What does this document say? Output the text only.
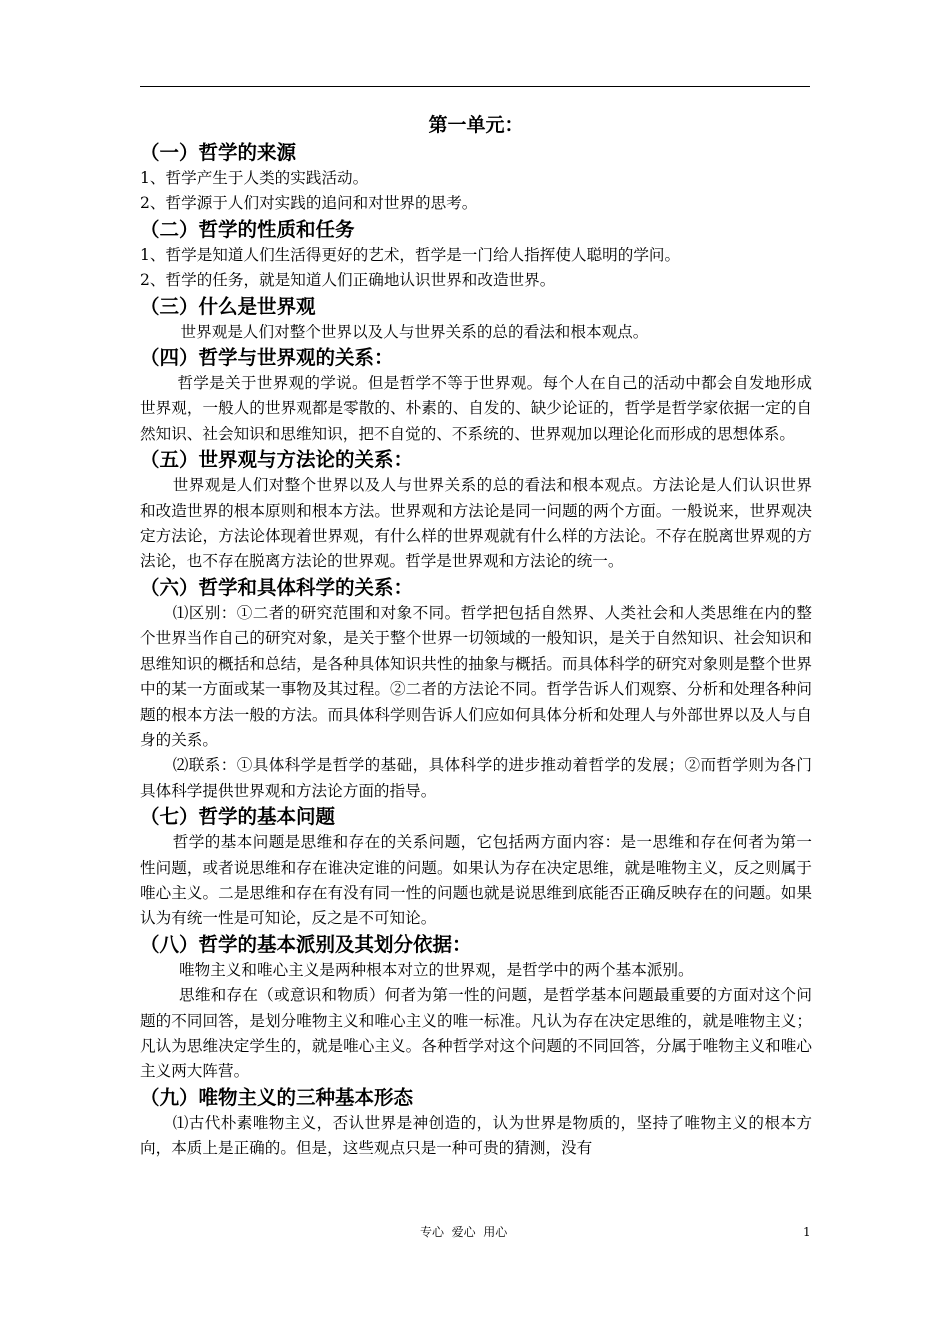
第一单元：
（一）哲学的来源
1、哲学产生于人类的实践活动。
2、哲学源于人们对实践的追问和对世界的思考。
（二）哲学的性质和任务
1、哲学是知道人们生活得更好的艺术，哲学是一门给人指挥使人聪明的学问。
2、哲学的任务，就是知道人们正确地认识世界和改造世界。
（三）什么是世界观

世界观是人们对整个世界以及人与世界关系的总的看法和根本观点。

（四）哲学与世界观的关系：

哲学是关于世界观的学说。但是哲学不等于世界观。每个人在自己的活动中都会自发地形成世界观，一般人的世界观都是零散的、朴素的、自发的、缺少论证的，哲学是哲学家依据一定的自然知识、社会知识和思维知识，把不自觉的、不系统的、世界观加以理论化而形成的思想体系。

（五）世界观与方法论的关系：

世界观是人们对整个世界以及人与世界关系的总的看法和根本观点。方法论是人们认识世界和改造世界的根本原则和根本方法。世界观和方法论是同一问题的两个方面。一般说来，世界观决定方法论，方法论体现着世界观，有什么样的世界观就有什么样的方法论。不存在脱离世界观的方法论，也不存在脱离方法论的世界观。哲学是世界观和方法论的统一。

（六）哲学和具体科学的关系：

⑴区别：①二者的研究范围和对象不同。哲学把包括自然界、人类社会和人类思维在内的整个世界当作自己的研究对象，是关于整个世界一切领域的一般知识，是关于自然知识、社会知识和思维知识的概括和总结，是各种具体知识共性的抽象与概括。而具体科学的研究对象则是整个世界中的某一方面或某一事物及其过程。②二者的方法论不同。哲学告诉人们观察、分析和处理各种问题的根本方法一般的方法。而具体科学则告诉人们应如何具体分析和处理人与外部世界以及人与自身的关系。

⑵联系：①具体科学是哲学的基础，具体科学的进步推动着哲学的发展；②而哲学则为各门具体科学提供世界观和方法论方面的指导。

（七）哲学的基本问题

哲学的基本问题是思维和存在的关系问题，它包括两方面内容：是一思维和存在何者为第一性问题，或者说思维和存在谁决定谁的问题。如果认为存在决定思维，就是唯物主义，反之则属于唯心主义。二是思维和存在有没有同一性的问题也就是说思维到底能否正确反映存在的问题。如果认为有统一性是可知论，反之是不可知论。

（八）哲学的基本派别及其划分依据：

唯物主义和唯心主义是两种根本对立的世界观，是哲学中的两个基本派别。

思维和存在（或意识和物质）何者为第一性的问题，是哲学基本问题最重要的方面对这个问题的不同回答，是划分唯物主义和唯心主义的唯一标准。凡认为存在决定思维的，就是唯物主义；凡认为思维决定学生的，就是唯心主义。各种哲学对这个问题的不同回答，分属于唯物主义和唯心主义两大阵营。

（九）唯物主义的三种基本形态

⑴古代朴素唯物主义，否认世界是神创造的，认为世界是物质的，坚持了唯物主义的根本方向，本质上是正确的。但是，这些观点只是一种可贵的猜测，没有

专心  爱心  用心	1
